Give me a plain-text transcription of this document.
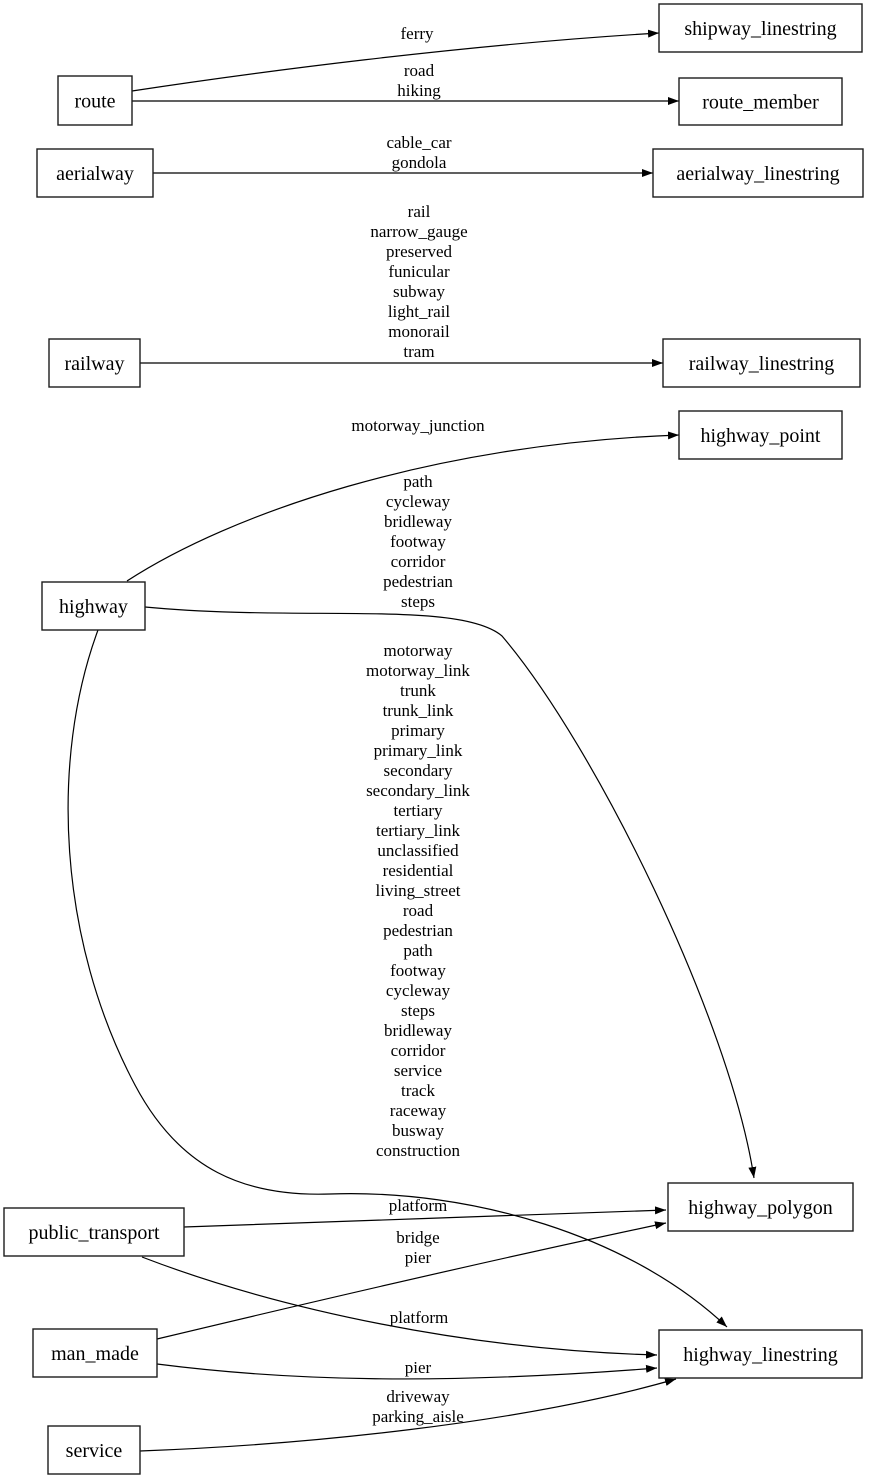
ferry
road hiking
cable_car gondola
rail narrow_gauge preserved funicular subway light_rail monorail tram
motorway_junction
path cycleway bridleway footway corridor pedestrian steps
motorway motorway_link trunk trunk_link primary primary_link secondary secondary_link tertiary tertiary_link unclassified residential living_street road pedestrian path footway cycleway steps bridleway corridor service track raceway busway construction
platform
bridge pier
platform
pier
driveway parking_aisle
route
shipway_linestring
route_member
aerialway	aerialway_linestring
railway	railway_linestring
highway_point
highway
highway_polygon
public_transport
man_made	highway_linestring
service
